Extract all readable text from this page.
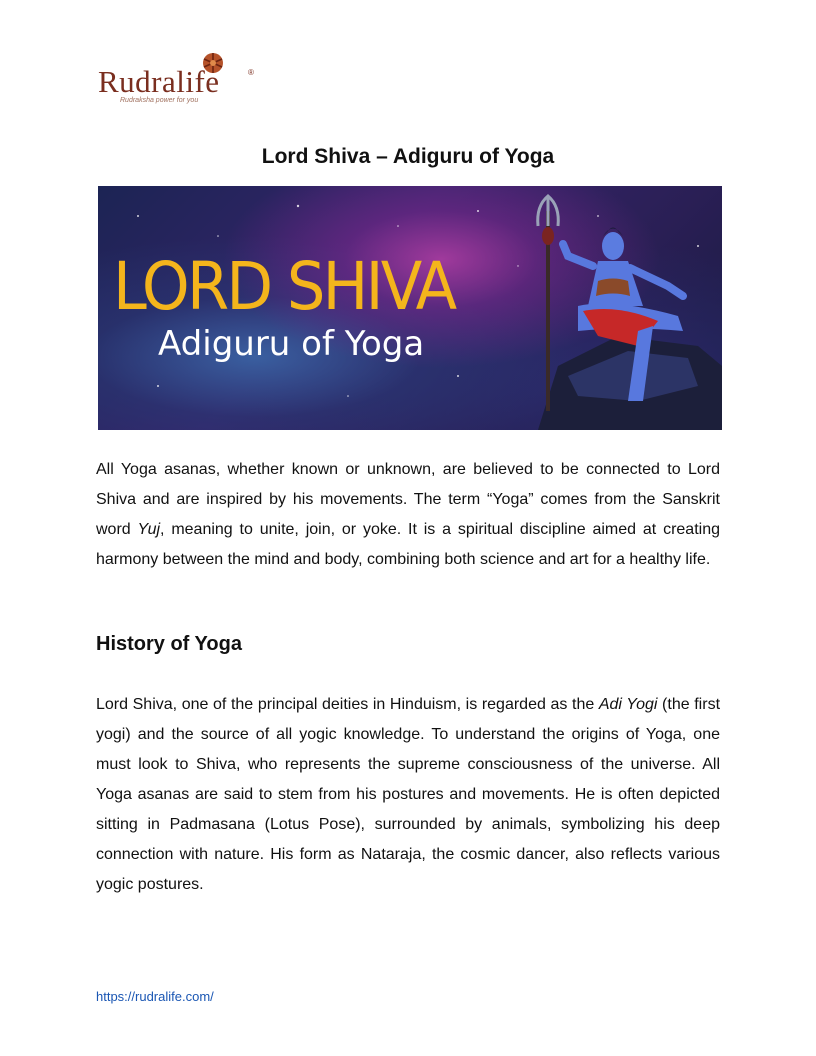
Rudralife	®
Rudraksha power for you
Lord Shiva – Adiguru of Yoga
LORD SHIVA
Adiguru of Yoga

All Yoga asanas, whether known or unknown, are believed to be connected to Lord Shiva and are inspired by his movements. The term “Yoga” comes from the Sanskrit word Yuj, meaning to unite, join, or yoke. It is a spiritual discipline aimed at creating harmony between the mind and body, combining both science and art for a healthy life.

History of Yoga

Lord Shiva, one of the principal deities in Hinduism, is regarded as the Adi Yogi (the first yogi) and the source of all yogic knowledge. To understand the origins of Yoga, one must look to Shiva, who represents the supreme consciousness of the universe. All Yoga asanas are said to stem from his postures and movements. He is often depicted sitting in Padmasana (Lotus Pose), surrounded by animals, symbolizing his deep connection with nature. His form as Nataraja, the cosmic dancer, also reflects various yogic postures.

https://rudralife.com/
